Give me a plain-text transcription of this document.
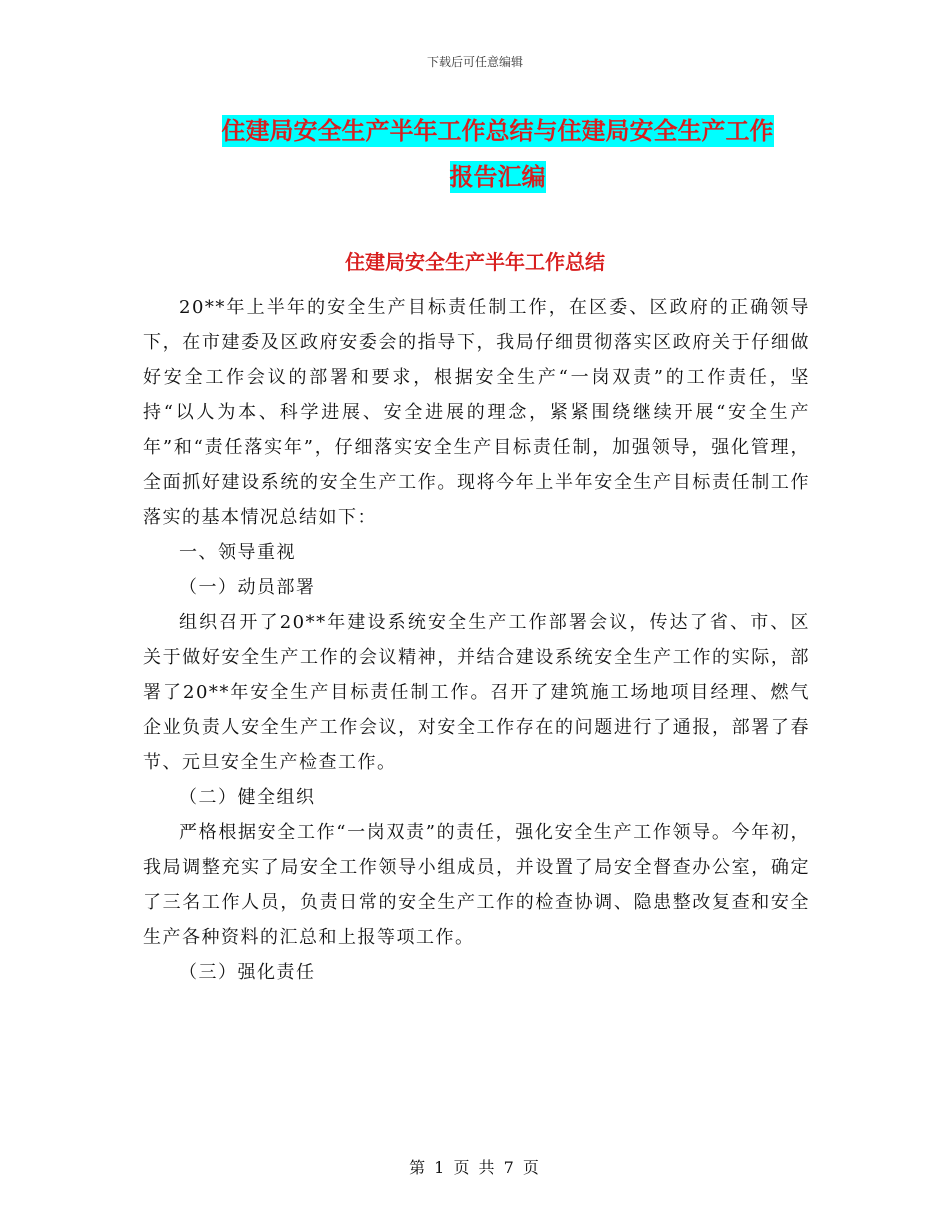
下载后可任意编辑
住建局安全生产半年工作总结与住建局安全生产工作
报告汇编
住建局安全生产半年工作总结

20**年上半年的安全生产目标责任制工作，在区委、区政府的正确领导下，在市建委及区政府安委会的指导下，我局仔细贯彻落实区政府关于仔细做好安全工作会议的部署和要求，根据安全生产“一岗双责”的工作责任，坚持“以人为本、科学进展、安全进展的理念，紧紧围绕继续开展“安全生产年”和“责任落实年”，仔细落实安全生产目标责任制，加强领导，强化管理，全面抓好建设系统的安全生产工作。现将今年上半年安全生产目标责任制工作落实的基本情况总结如下：

一、领导重视

（一）动员部署

组织召开了20**年建设系统安全生产工作部署会议，传达了省、市、区关于做好安全生产工作的会议精神，并结合建设系统安全生产工作的实际，部署了20**年安全生产目标责任制工作。召开了建筑施工场地项目经理、燃气企业负责人安全生产工作会议，对安全工作存在的问题进行了通报，部署了春节、元旦安全生产检查工作。

（二）健全组织

严格根据安全工作“一岗双责”的责任，强化安全生产工作领导。今年初，我局调整充实了局安全工作领导小组成员，并设置了局安全督查办公室，确定了三名工作人员，负责日常的安全生产工作的检查协调、隐患整改复查和安全生产各种资料的汇总和上报等项工作。

（三）强化责任

第 1 页 共 7 页
